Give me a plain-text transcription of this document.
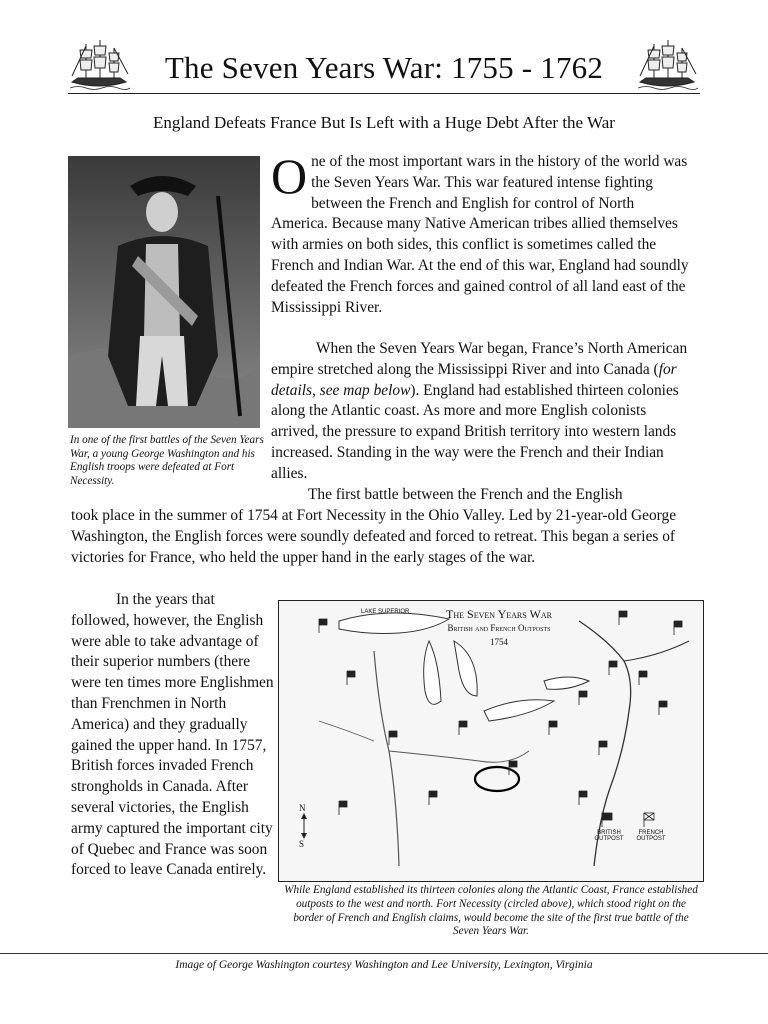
The Seven Years War: 1755 - 1762
England Defeats France But Is Left with a Huge Debt After the War
In one of the first battles of the Seven Years War, a young George Washington and his English troops were defeated at Fort Necessity.
One of the most important wars in the history of the world was the Seven Years War. This war featured intense fighting between the French and English for control of North America. Because many Native American tribes allied themselves with armies on both sides, this conflict is sometimes called the French and Indian War. At the end of this war, England had soundly defeated the French forces and gained control of all land east of the Mississippi River.
When the Seven Years War began, France’s North American empire stretched along the Mississippi River and into Canada (for details, see map below). England had established thirteen colonies along the Atlantic coast. As more and more English colonists arrived, the pressure to expand British territory into western lands increased. Standing in the way were the French and their Indian allies.
The first battle between the French and the English
took place in the summer of 1754 at Fort Necessity in the Ohio Valley. Led by 21-year-old George Washington, the English forces were soundly defeated and forced to retreat. This began a series of victories for France, who held the upper hand in the early stages of the war.
In the years that followed, however, the English were able to take advantage of their superior numbers (there were ten times more Englishmen than Frenchmen in North America) and they gradually gained the upper hand. In 1757, British forces invaded French strongholds in Canada. After several victories, the English army captured the important city of Quebec and France was soon forced to leave Canada entirely.
The Seven Years War
British and French Outposts
1754
LAKE SUPERIOR
N
S
BRITISH OUTPOST
FRENCH OUTPOST
While England established its thirteen colonies along the Atlantic Coast, France established outposts to the west and north. Fort Necessity (circled above), which stood right on the border of French and English claims, would become the site of the first true battle of the Seven Years War.
Image of George Washington courtesy Washington and Lee University, Lexington, Virginia
